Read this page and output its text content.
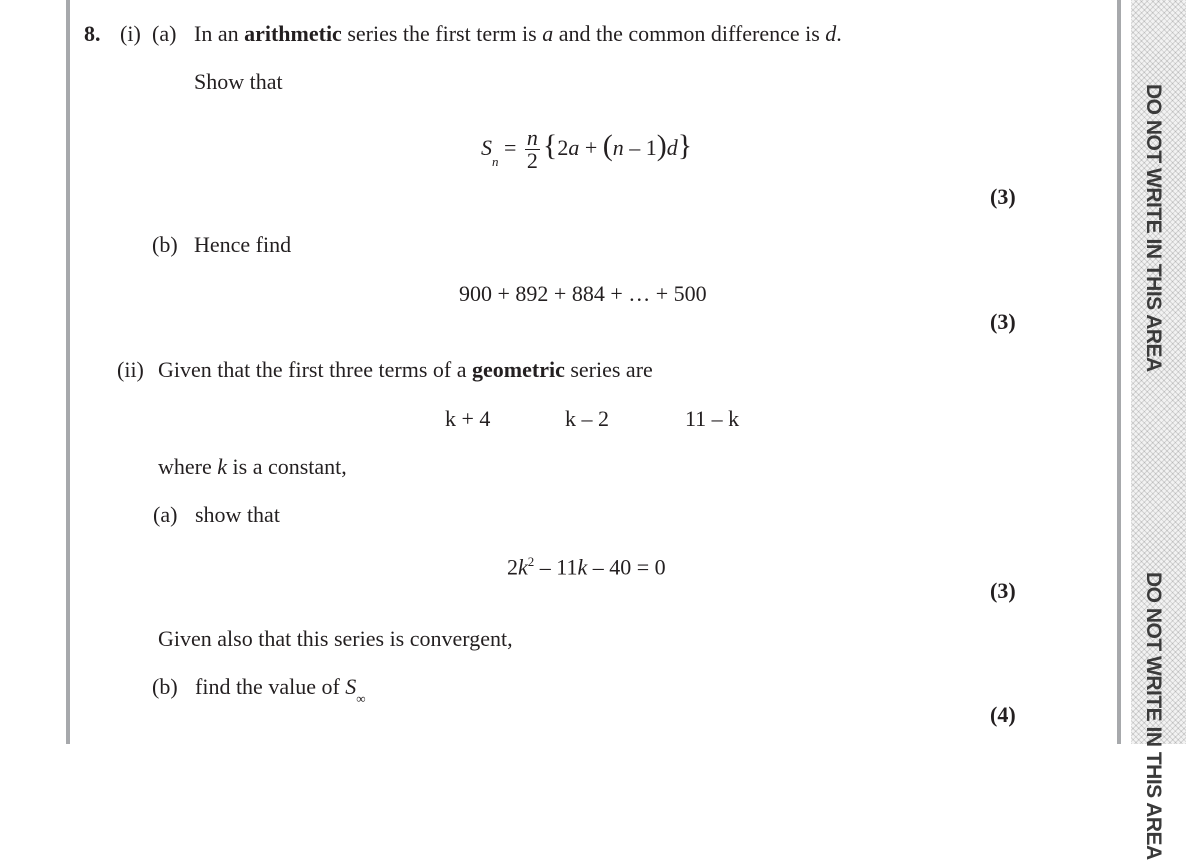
DO NOT WRITE IN THIS AREA
DO NOT WRITE IN THIS AREA
8. (i) (a) In an arithmetic series the first term is a and the common difference is d.
Show that
$S_n = \frac{n}{2} \{2a + (n - 1)d\}$
(3)
(b) Hence find
900 + 892 + 884 + … + 500
(3)
(ii) Given that the first three terms of a geometric series are
k + 4	k – 2	11 – k
where k is a constant,
(a) show that
$2k^2 - 11k - 40 = 0$
(3)
Given also that this series is convergent,
(b) find the value of $S_\infty$
(4)
